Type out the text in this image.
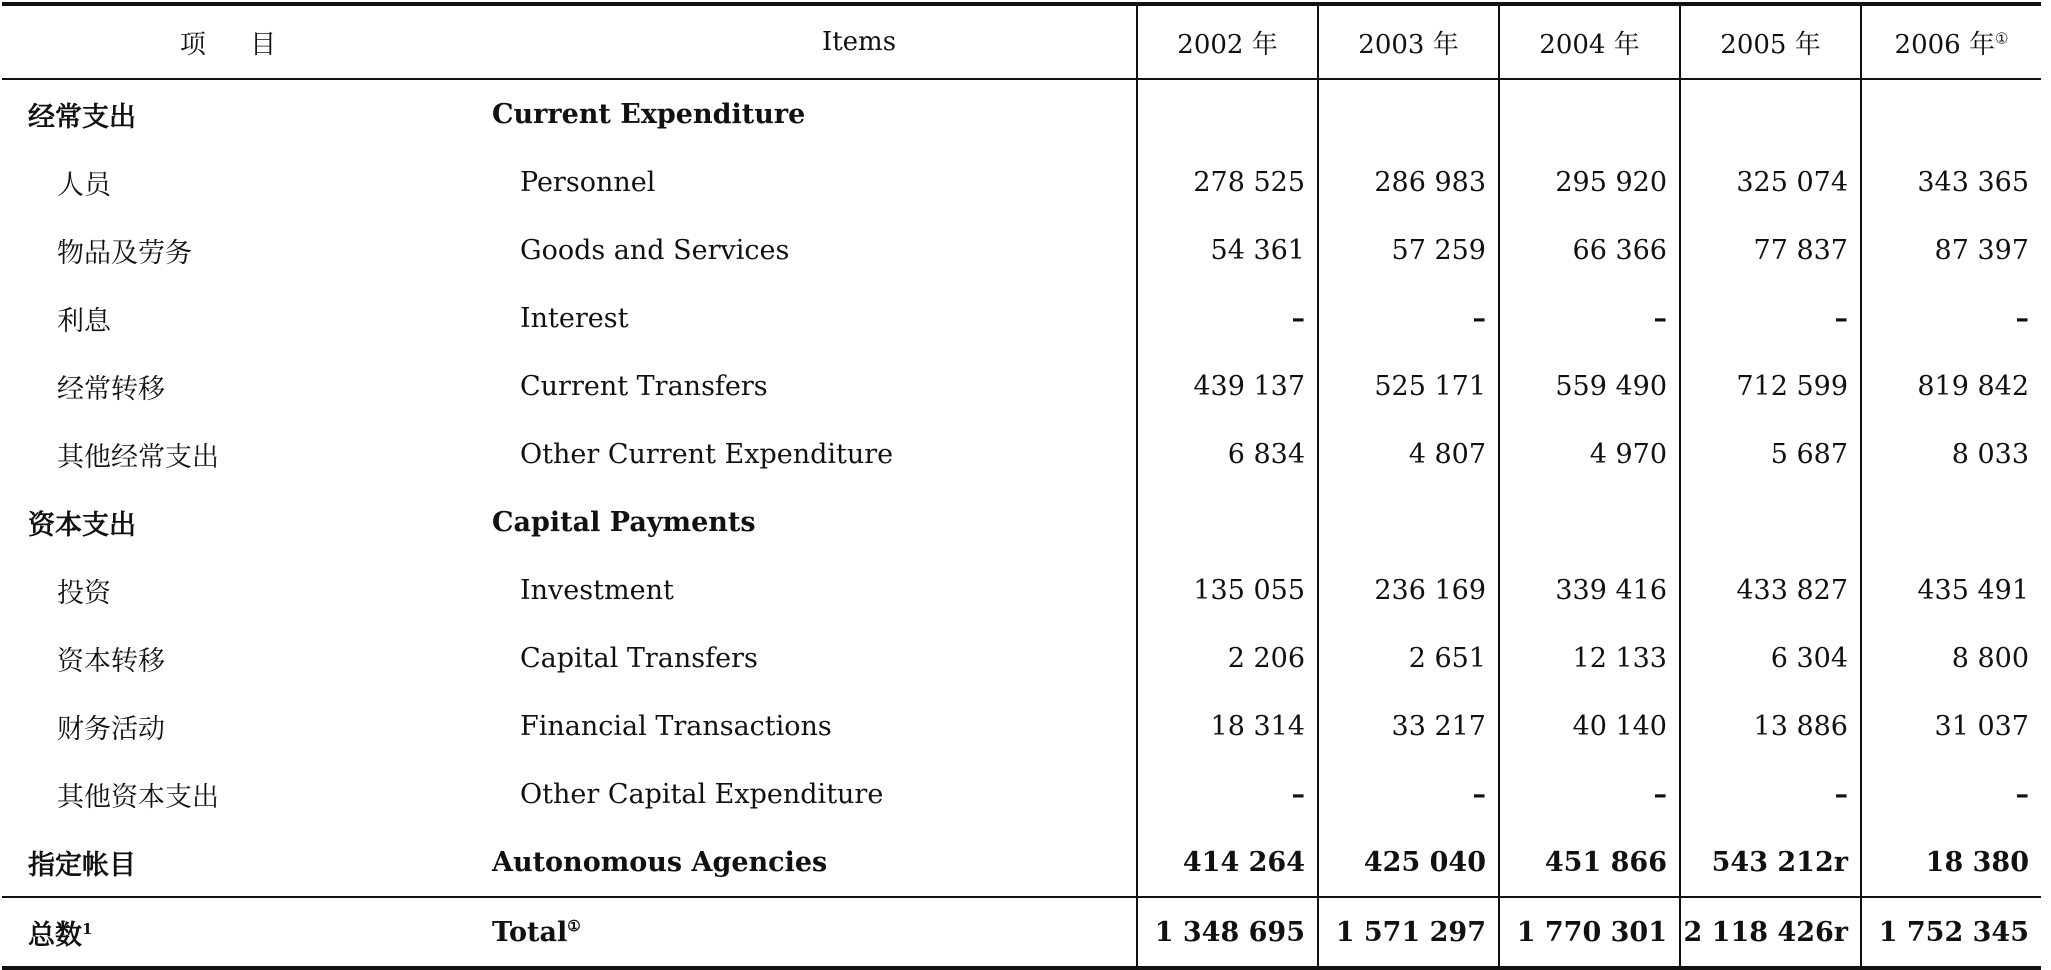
项 目	Items	2002 年	2003 年	2004 年	2005 年	2006 年①
经常支出	Current Expenditure					
人员	Personnel	278 525	286 983	295 920	325 074	343 365
物品及劳务	Goods and Services	54 361	57 259	66 366	77 837	87 397
利息	Interest	–	–	–	–	–
经常转移	Current Transfers	439 137	525 171	559 490	712 599	819 842
其他经常支出	Other Current Expenditure	6 834	4 807	4 970	5 687	8 033
资本支出	Capital Payments					
投资	Investment	135 055	236 169	339 416	433 827	435 491
资本转移	Capital Transfers	2 206	2 651	12 133	6 304	8 800
财务活动	Financial Transactions	18 314	33 217	40 140	13 886	31 037
其他资本支出	Other Capital Expenditure	–	–	–	–	–
指定帐目	Autonomous Agencies	414 264	425 040	451 866	543 212r	18 380
总数$^1$	Total①	1 348 695	1 571 297	1 770 301	2 118 426r	1 752 345
